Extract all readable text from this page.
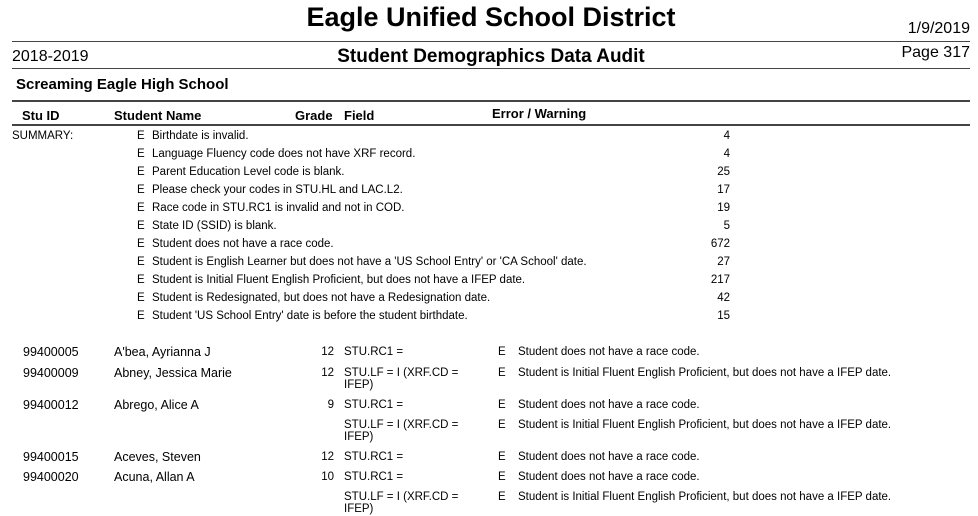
Eagle Unified School District	1/9/2019
2018-2019	Student Demographics Data Audit	Page 317
Screaming Eagle High School
Stu ID	Student Name	Grade Field	Error / Warning
SUMMARY:	E Birthdate is invalid.	4
E Language Fluency code does not have XRF record.	4
E Parent Education Level code is blank.	25
E Please check your codes in STU.HL and LAC.L2.	17
E Race code in STU.RC1 is invalid and not in COD.	19
E State ID (SSID) is blank.	5
E Student does not have a race code.	672
E Student is English Learner but does not have a 'US School Entry' or 'CA School' date.	27
E Student is Initial Fluent English Proficient, but does not have a IFEP date.	217
E Student is Redesignated, but does not have a Redesignation date.	42
E Student 'US School Entry' date is before the student birthdate.	15
99400005	A'bea, Ayrianna J	12 STU.RC1 =	E Student does not have a race code.
99400009	Abney, Jessica Marie	12 STU.LF = I (XRF.CD =
IFEP)
E Student is Initial Fluent English Proficient, but does not have a IFEP date.
99400012	Abrego, Alice A	9 STU.RC1 =	E Student does not have a race code.
STU.LF = I (XRF.CD =
IFEP)
E Student is Initial Fluent English Proficient, but does not have a IFEP date.
99400015	Aceves, Steven	12 STU.RC1 =	E Student does not have a race code.
99400020	Acuna, Allan A	10 STU.RC1 =	E Student does not have a race code.
STU.LF = I (XRF.CD =
IFEP)
E Student is Initial Fluent English Proficient, but does not have a IFEP date.
